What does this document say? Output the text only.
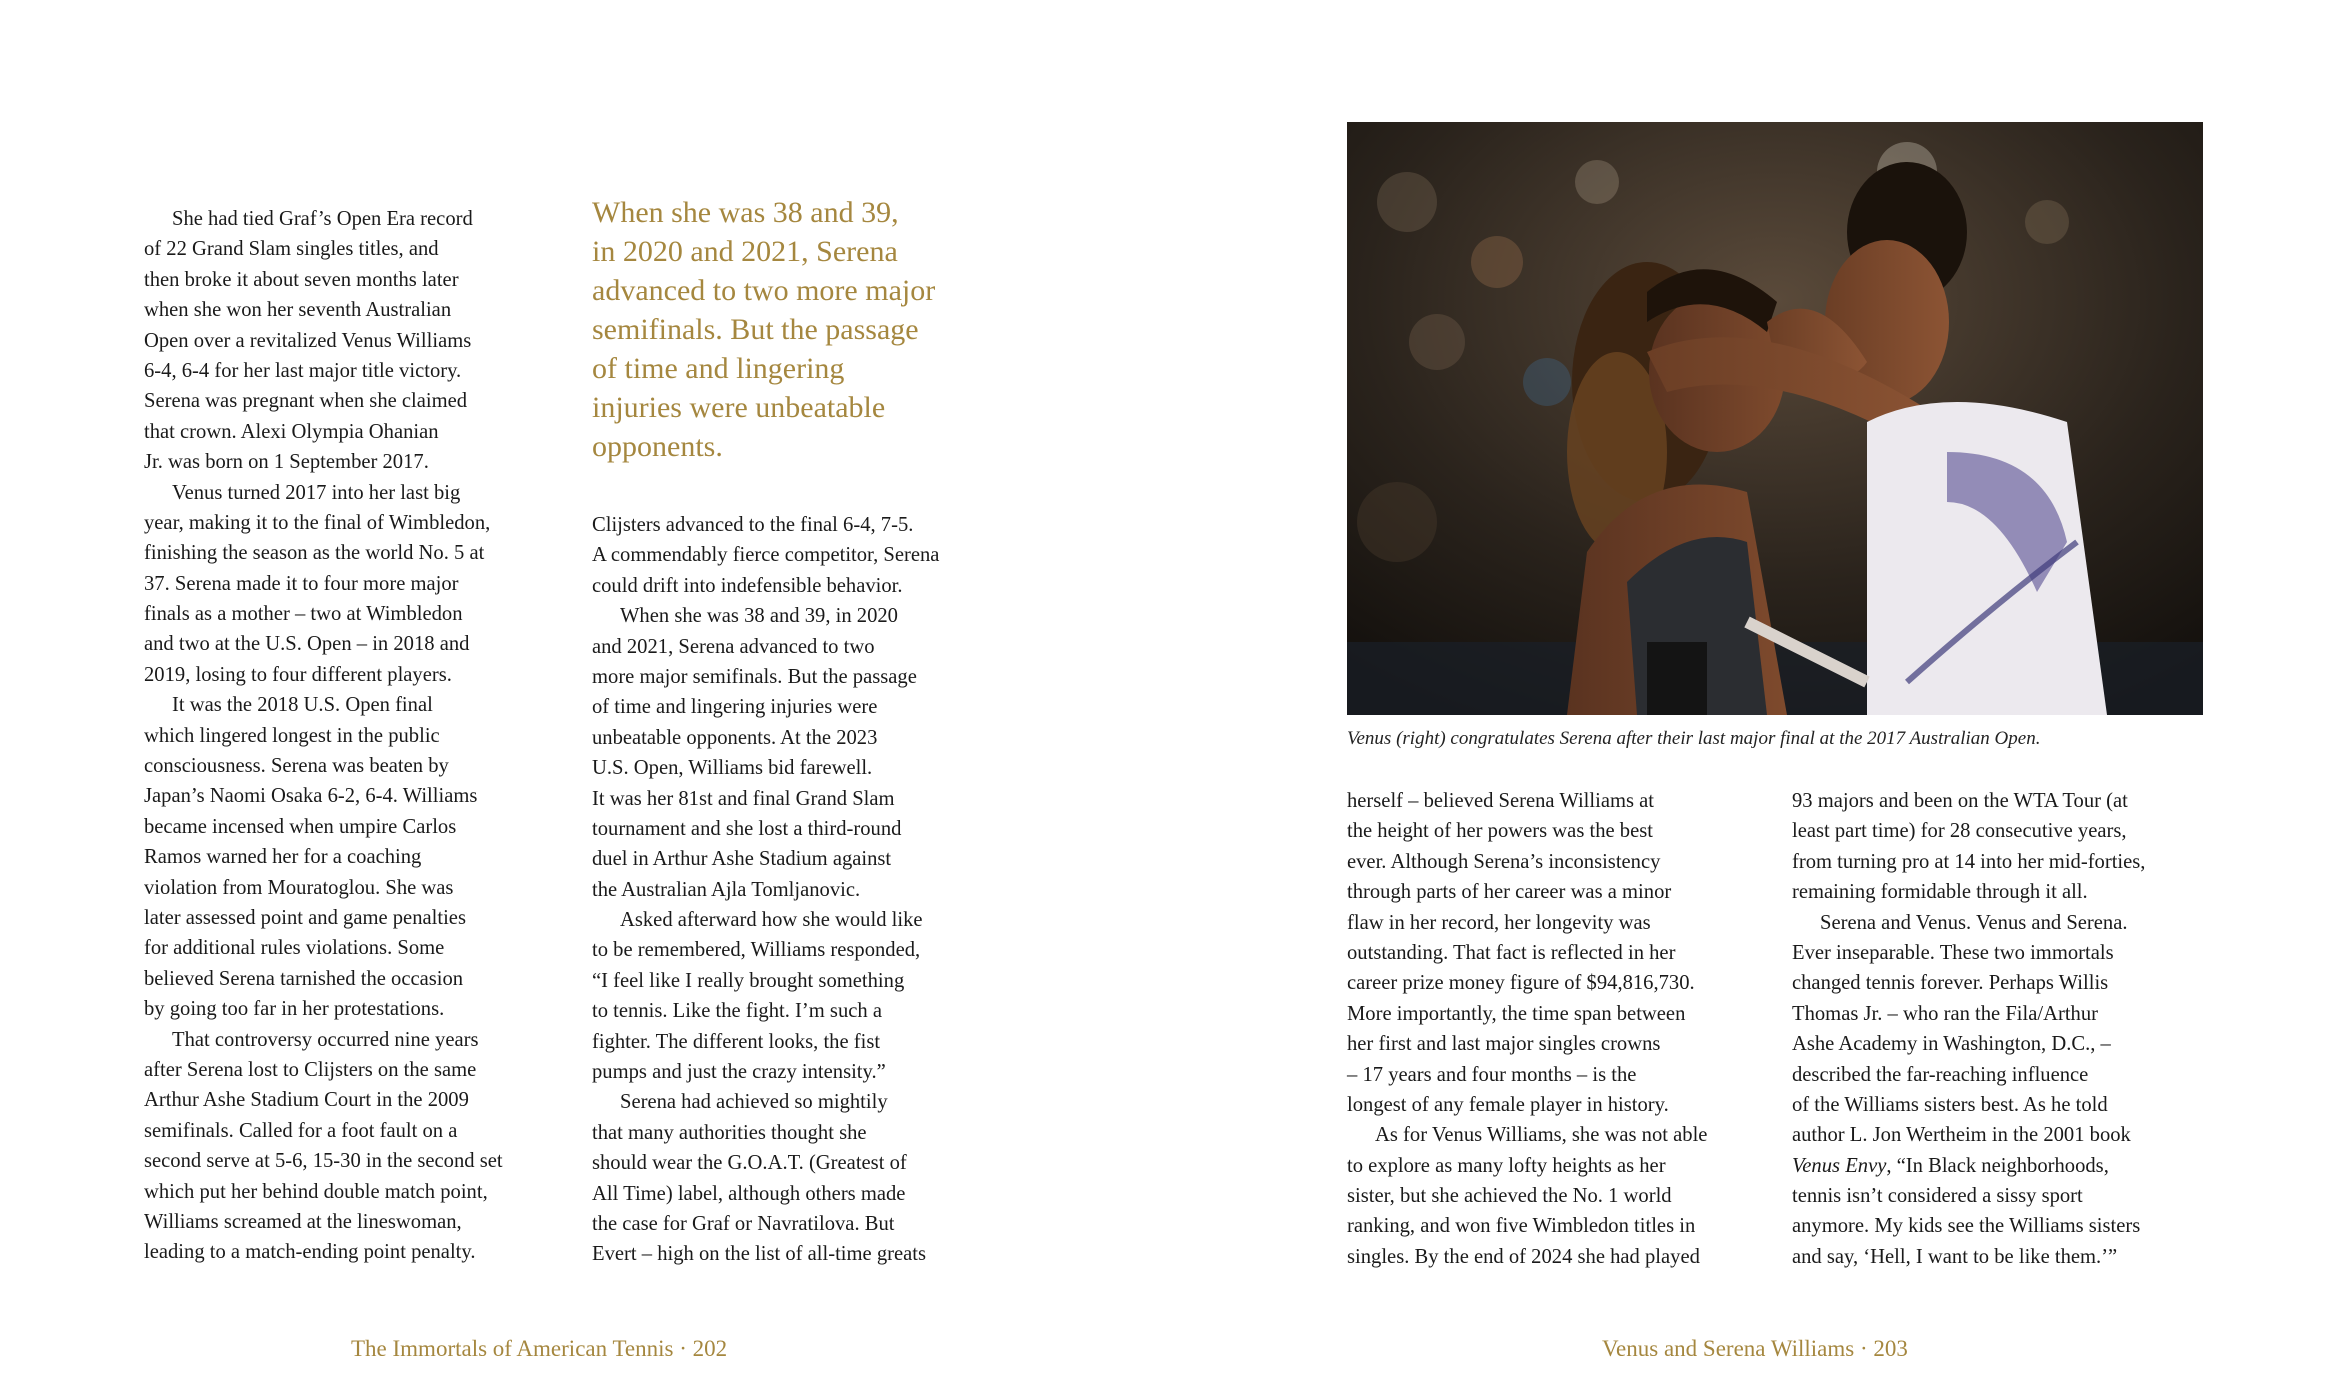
She had tied Graf’s Open Era record
of 22 Grand Slam singles titles, and
then broke it about seven months later
when she won her seventh Australian
Open over a revitalized Venus Williams
6-4, 6-4 for her last major title victory.
Serena was pregnant when she claimed
that crown. Alexi Olympia Ohanian
Jr. was born on 1 September 2017.
Venus turned 2017 into her last big
year, making it to the final of Wimbledon,
finishing the season as the world No. 5 at
37. Serena made it to four more major
finals as a mother – two at Wimbledon
and two at the U.S. Open – in 2018 and
2019, losing to four different players.
It was the 2018 U.S. Open final
which lingered longest in the public
consciousness. Serena was beaten by
Japan’s Naomi Osaka 6-2, 6-4. Williams
became incensed when umpire Carlos
Ramos warned her for a coaching
violation from Mouratoglou. She was
later assessed point and game penalties
for additional rules violations. Some
believed Serena tarnished the occasion
by going too far in her protestations.
That controversy occurred nine years
after Serena lost to Clijsters on the same
Arthur Ashe Stadium Court in the 2009
semifinals. Called for a foot fault on a
second serve at 5-6, 15-30 in the second set
which put her behind double match point,
Williams screamed at the lineswoman,
leading to a match-ending point penalty.
When she was 38 and 39,
in 2020 and 2021, Serena
advanced to two more major
semifinals. But the passage
of time and lingering
injuries were unbeatable
opponents.
Clijsters advanced to the final 6-4, 7-5.
A commendably fierce competitor, Serena
could drift into indefensible behavior.
When she was 38 and 39, in 2020
and 2021, Serena advanced to two
more major semifinals. But the passage
of time and lingering injuries were
unbeatable opponents. At the 2023
U.S. Open, Williams bid farewell.
It was her 81st and final Grand Slam
tournament and she lost a third-round
duel in Arthur Ashe Stadium against
the Australian Ajla Tomljanovic.
Asked afterward how she would like
to be remembered, Williams responded,
“I feel like I really brought something
to tennis. Like the fight. I’m such a
fighter. The different looks, the fist
pumps and just the crazy intensity.”
Serena had achieved so mightily
that many authorities thought she
should wear the G.O.A.T. (Greatest of
All Time) label, although others made
the case for Graf or Navratilova. But
Evert – high on the list of all-time greats
The Immortals of American Tennis · 202
Venus (right) congratulates Serena after their last major final at the 2017 Australian Open.
herself – believed Serena Williams at
the height of her powers was the best
ever. Although Serena’s inconsistency
through parts of her career was a minor
flaw in her record, her longevity was
outstanding. That fact is reflected in her
career prize money figure of $94,816,730.
More importantly, the time span between
her first and last major singles crowns
– 17 years and four months – is the
longest of any female player in history.
As for Venus Williams, she was not able
to explore as many lofty heights as her
sister, but she achieved the No. 1 world
ranking, and won five Wimbledon titles in
singles. By the end of 2024 she had played
93 majors and been on the WTA Tour (at
least part time) for 28 consecutive years,
from turning pro at 14 into her mid-forties,
remaining formidable through it all.
Serena and Venus. Venus and Serena.
Ever inseparable. These two immortals
changed tennis forever. Perhaps Willis
Thomas Jr. – who ran the Fila/Arthur
Ashe Academy in Washington, D.C., –
described the far-reaching influence
of the Williams sisters best. As he told
author L. Jon Wertheim in the 2001 book
Venus Envy, “In Black neighborhoods,
tennis isn’t considered a sissy sport
anymore. My kids see the Williams sisters
and say, ‘Hell, I want to be like them.’”
Venus and Serena Williams · 203
